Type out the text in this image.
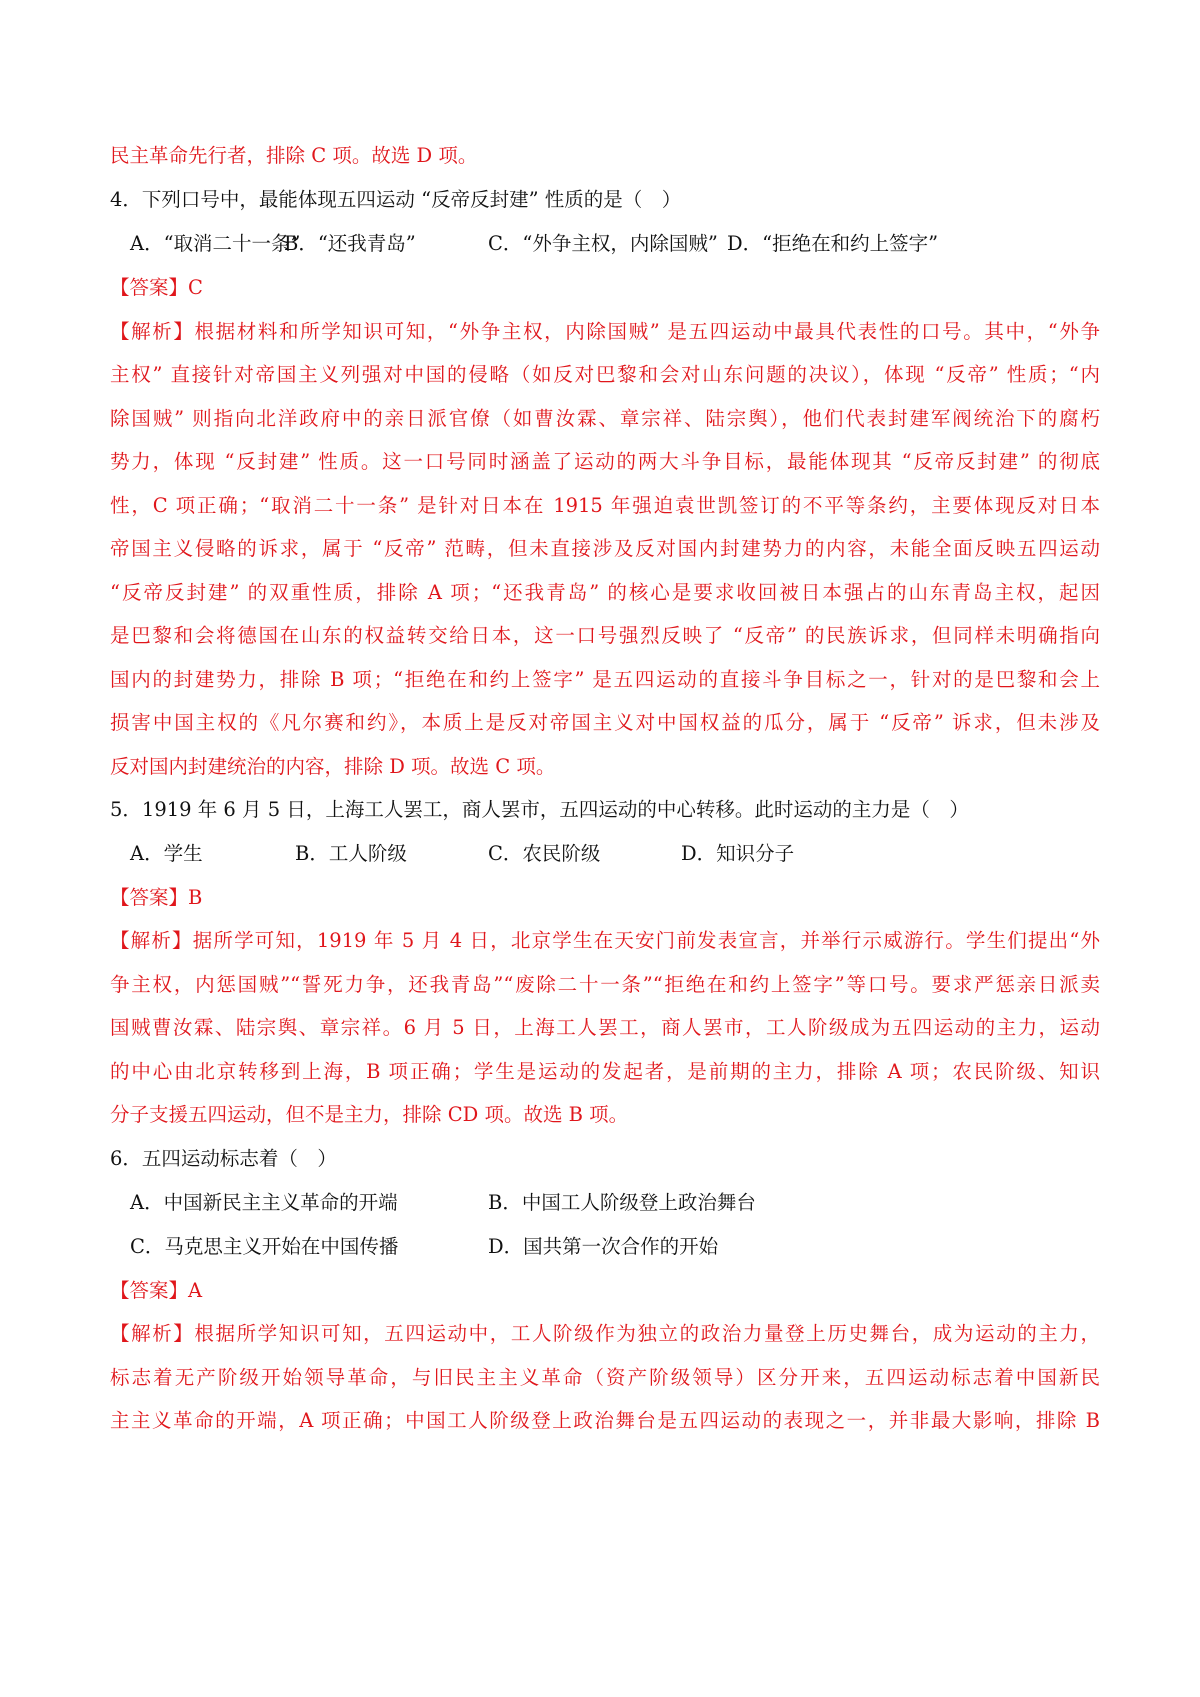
民主革命先行者，排除 C 项。故选 D 项。
4．下列口号中，最能体现五四运动 “反帝反封建” 性质的是（　）
A．“取消二十一条”
B．“还我青岛”	C．“外争主权，内除国贼” D．“拒绝在和约上签字”
【答案】C
【解析】根据材料和所学知识可知，“外争主权，内除国贼” 是五四运动中最具代表性的口号。其中，“外争
主权” 直接针对帝国主义列强对中国的侵略（如反对巴黎和会对山东问题的决议），体现 “反帝” 性质；“内
除国贼” 则指向北洋政府中的亲日派官僚（如曹汝霖、章宗祥、陆宗舆），他们代表封建军阀统治下的腐朽
势力，体现 “反封建” 性质。这一口号同时涵盖了运动的两大斗争目标，最能体现其 “反帝反封建” 的彻底
性，C 项正确；“取消二十一条” 是针对日本在 1915 年强迫袁世凯签订的不平等条约，主要体现反对日本
帝国主义侵略的诉求，属于 “反帝” 范畴，但未直接涉及反对国内封建势力的内容，未能全面反映五四运动
“反帝反封建” 的双重性质，排除 A 项；“还我青岛” 的核心是要求收回被日本强占的山东青岛主权，起因
是巴黎和会将德国在山东的权益转交给日本，这一口号强烈反映了 “反帝” 的民族诉求，但同样未明确指向
国内的封建势力，排除 B 项；“拒绝在和约上签字” 是五四运动的直接斗争目标之一，针对的是巴黎和会上
损害中国主权的《凡尔赛和约》，本质上是反对帝国主义对中国权益的瓜分，属于 “反帝” 诉求，但未涉及
反对国内封建统治的内容，排除 D 项。故选 C 项。
5．1919 年 6 月 5 日，上海工人罢工，商人罢市，五四运动的中心转移。此时运动的主力是（　）
A．学生	B．工人阶级	C．农民阶级	D．知识分子
【答案】B
【解析】据所学可知，1919 年 5 月 4 日，北京学生在天安门前发表宣言，并举行示威游行。学生们提出“外
争主权，内惩国贼”“誓死力争，还我青岛”“废除二十一条”“拒绝在和约上签字”等口号。要求严惩亲日派卖
国贼曹汝霖、陆宗舆、章宗祥。6 月 5 日，上海工人罢工，商人罢市，工人阶级成为五四运动的主力，运动
的中心由北京转移到上海，B 项正确；学生是运动的发起者，是前期的主力，排除 A 项；农民阶级、知识
分子支援五四运动，但不是主力，排除 CD 项。故选 B 项。
6．五四运动标志着（　）
A．中国新民主主义革命的开端	B．中国工人阶级登上政治舞台
C．马克思主义开始在中国传播	D．国共第一次合作的开始
【答案】A
【解析】根据所学知识可知，五四运动中，工人阶级作为独立的政治力量登上历史舞台，成为运动的主力，
标志着无产阶级开始领导革命，与旧民主主义革命（资产阶级领导）区分开来，五四运动标志着中国新民
主主义革命的开端，A 项正确；中国工人阶级登上政治舞台是五四运动的表现之一，并非最大影响，排除 B
